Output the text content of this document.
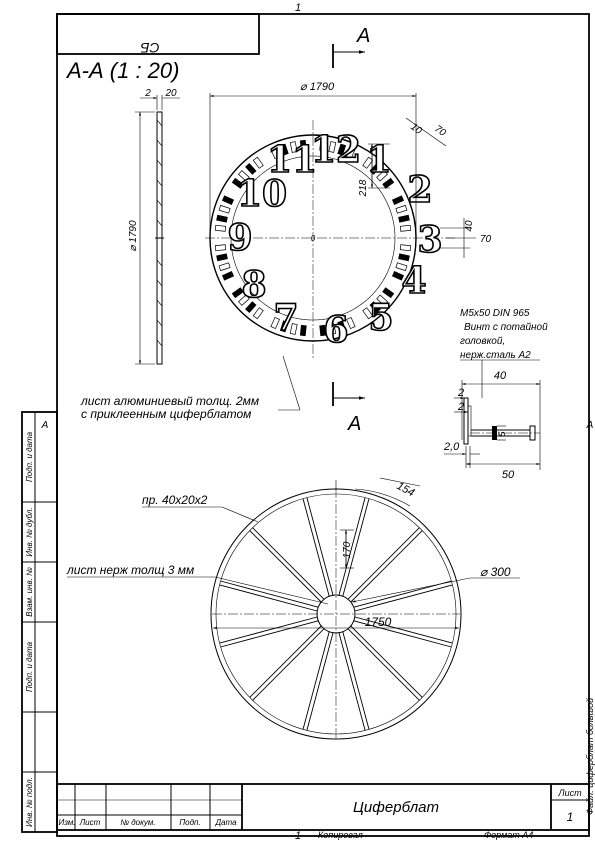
1
1
A	A
СБ
Подп. и дата
Инв. № дубл.
Взам. инв. №
Подп. и дата
Инв. № подл.	Изм. Лист	№ докум.	Подп. Дата
Циферблат
Лист
1
Копировал	Формат A4
Файл: циферблат большой
А-А (1 : 20)
A
A
2 20
⌀ 1790	0
12 1
2
3
4
5
6
7
8
9
10
11
⌀ 1790
10 70
218
40
70
лист алюминиевый толщ. 2мм
с приклеенным циферблатом
M5x50 DIN 965
Винт с потайной
головкой,
нерж.сталь А2
40
2
2
5
2,0
50
154
170
⌀ 300
1750
пр. 40х20х2
лист нерж толщ 3 мм
